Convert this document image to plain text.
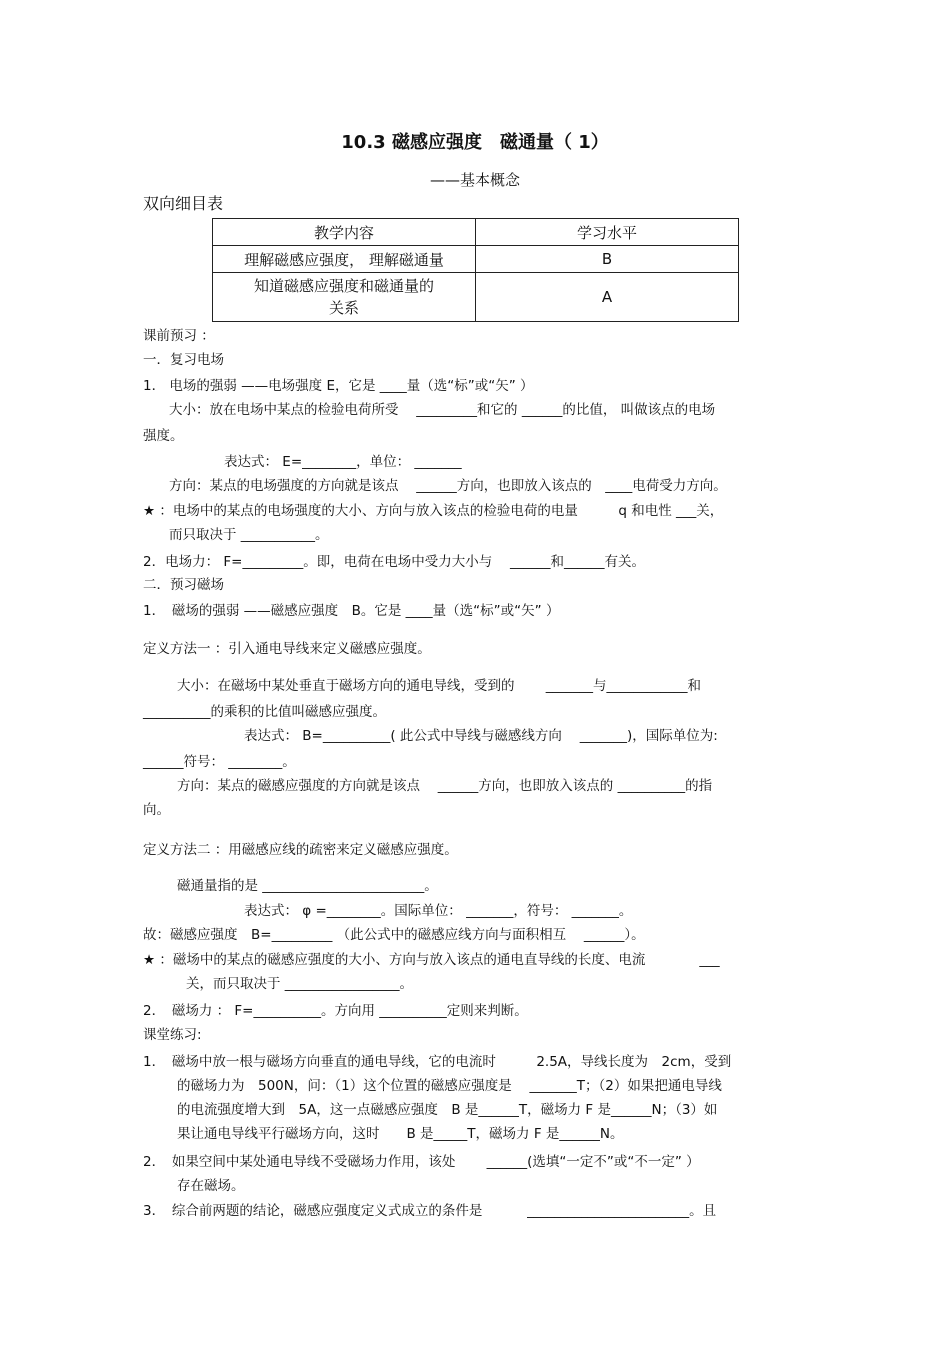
10.3 磁感应强度　磁通量（ 1）
——基本概念
双向细目表
教学内容	学习水平
理解磁感应强度， 理解磁通量	B

知道磁感应强度和磁通量的
关系	A
课前预习 ：
一．复习电场
1． 电场的强弱 ——电场强度 E，它是 ____量（选“标”或“矢” ）
大小：放在电场中某点的检验电荷所受　 _________和它的 ______的比值， 叫做该点的电场
强度。
表达式： E=________，单位： _______
方向：某点的电场强度的方向就是该点　 ______方向，也即放入该点的　____电荷受力方向。
★ ：电场中的某点的电场强度的大小、方向与放入该点的检验电荷的电量　　　q 和电性 ___关，
而只取决于 ___________。
2．电场力： F=_________。即，电荷在电场中受力大小与　 ______和______有关。
二．预习磁场
1．　磁场的强弱 ——磁感应强度　B。它是 ____量（选“标”或“矢” ）
定义方法一 ：引入通电导线来定义磁感应强度。
大小：在磁场中某处垂直于磁场方向的通电导线，受到的　　 _______与____________和
__________的乘积的比值叫磁感应强度。
表达式： B=__________( 此公式中导线与磁感线方向　 _______)，国际单位为:
______符号： ________。
方向：某点的磁感应强度的方向就是该点　 ______方向，也即放入该点的 __________的指
向。
定义方法二 ：用磁感应线的疏密来定义磁感应强度。
磁通量指的是 ________________________。
表达式： φ =________。国际单位： _______，符号： _______。
故：磁感应强度　B=_________ （此公式中的磁感应线方向与面积相互　 ______）。
★ ：磁场中的某点的磁感应强度的大小、方向与放入该点的通电直导线的长度、电流　　　　___
关，而只取决于 _________________。
2．　磁场力 ： F=__________。方向用 __________定则来判断。
课堂练习:
1．　磁场中放一根与磁场方向垂直的通电导线，它的电流时　　　2.5A，导线长度为　2cm，受到
的磁场力为　500N，问：（1）这个位置的磁感应强度是　 _______T；（2）如果把通电导线
的电流强度增大到　5A，这一点磁感应强度　B 是______T，磁场力 F 是______N；（3）如
果让通电导线平行磁场方向，这时　　B 是_____T，磁场力 F 是______N。
2．　如果空间中某处通电导线不受磁场力作用，该处　　 ______(选填“一定不”或“不一定” ）
存在磁场。
3．　综合前两题的结论，磁感应强度定义式成立的条件是　　　 ________________________。且
